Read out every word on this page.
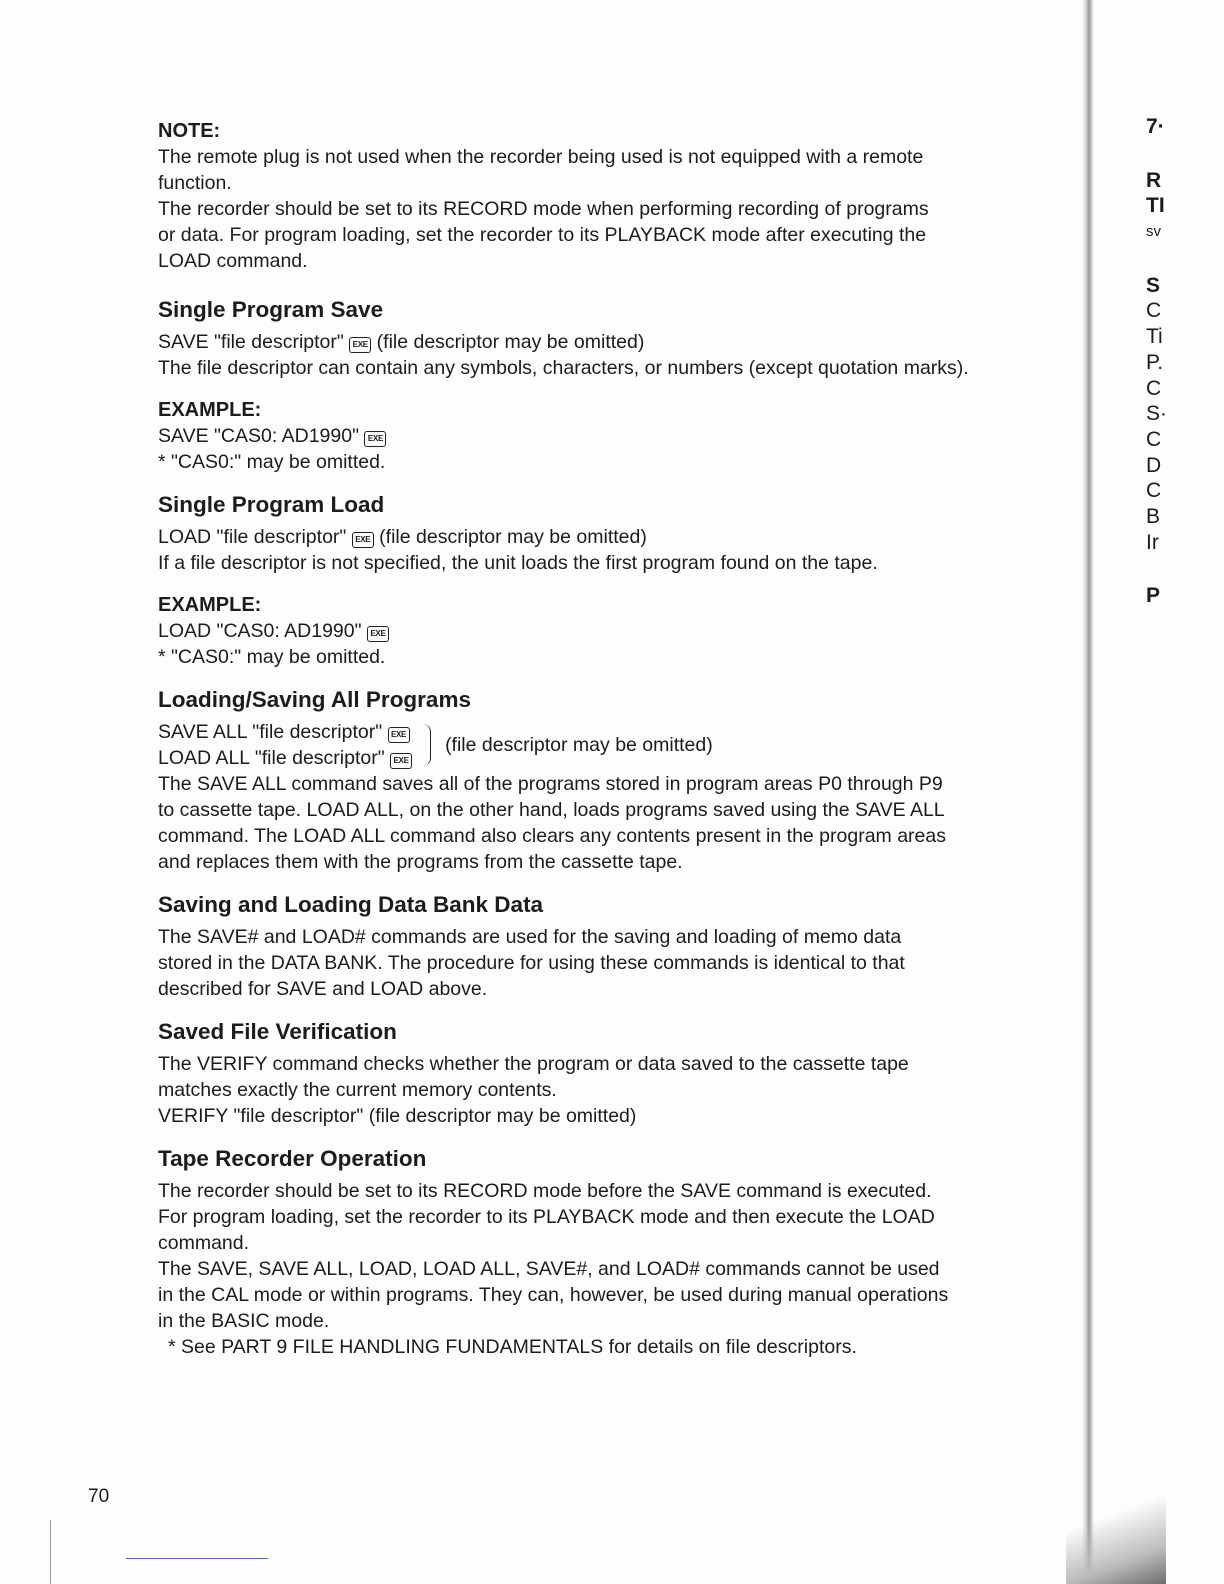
NOTE:

The remote plug is not used when the recorder being used is not equipped with a remote

function.

The recorder should be set to its RECORD mode when performing recording of programs

or data. For program loading, set the recorder to its PLAYBACK mode after executing the

LOAD command.

Single Program Save

SAVE "file descriptor" EXE (file descriptor may be omitted)

The file descriptor can contain any symbols, characters, or numbers (except quotation marks).

EXAMPLE:

SAVE "CAS0: AD1990" EXE

* "CAS0:" may be omitted.

Single Program Load

LOAD "file descriptor" EXE (file descriptor may be omitted)

If a file descriptor is not specified, the unit loads the first program found on the tape.

EXAMPLE:

LOAD "CAS0: AD1990" EXE

* "CAS0:" may be omitted.

Loading/Saving All Programs

SAVE ALL "file descriptor" EXE

LOAD ALL "file descriptor" EXE

(file descriptor may be omitted)

The SAVE ALL command saves all of the programs stored in program areas P0 through P9

to cassette tape. LOAD ALL, on the other hand, loads programs saved using the SAVE ALL

command. The LOAD ALL command also clears any contents present in the program areas

and replaces them with the programs from the cassette tape.

Saving and Loading Data Bank Data

The SAVE# and LOAD# commands are used for the saving and loading of memo data

stored in the DATA BANK. The procedure for using these commands is identical to that

described for SAVE and LOAD above.

Saved File Verification

The VERIFY command checks whether the program or data saved to the cassette tape

matches exactly the current memory contents.

VERIFY "file descriptor" (file descriptor may be omitted)

Tape Recorder Operation

The recorder should be set to its RECORD mode before the SAVE command is executed.

For program loading, set the recorder to its PLAYBACK mode and then execute the LOAD

command.

The SAVE, SAVE ALL, LOAD, LOAD ALL, SAVE#, and LOAD# commands cannot be used

in the CAL mode or within programs. They can, however, be used during manual operations

in the BASIC mode.

* See PART 9 FILE HANDLING FUNDAMENTALS for details on file descriptors.

7·
R
TI
sv
S
C
Ti
P.
C
S·
C
D
C
B
Ir
P
70
